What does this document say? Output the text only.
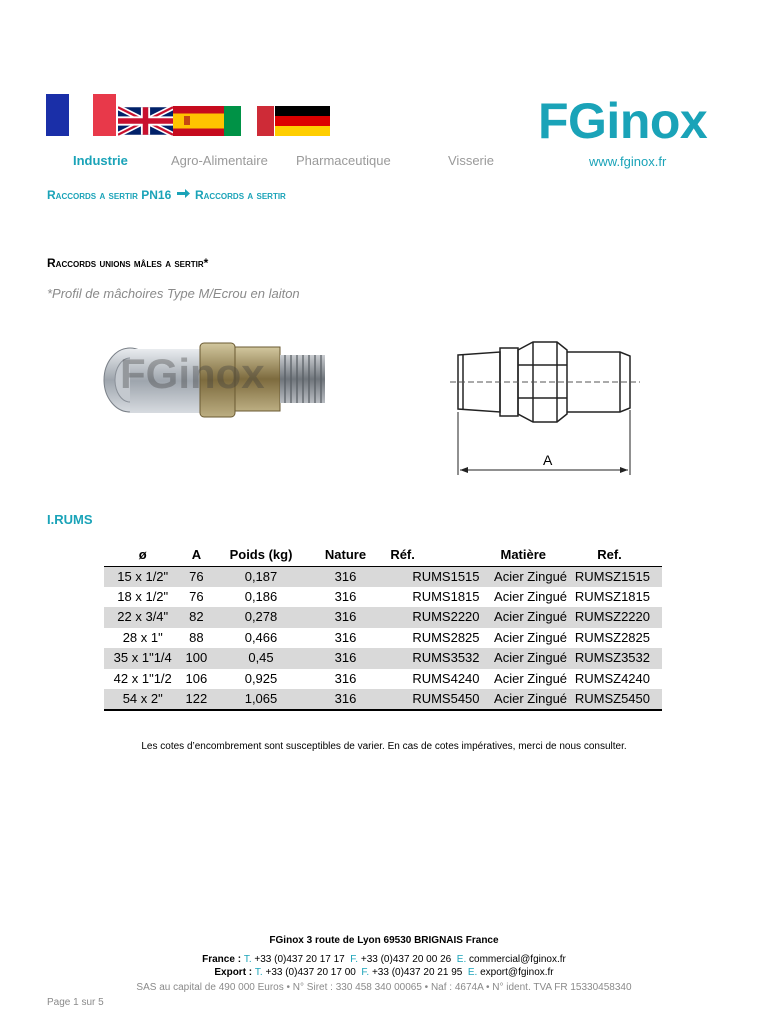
FGinox
www.fginox.fr
Industrie	Agro-Alimentaire Pharmaceutique	Visserie
Raccords a sertir PN16 Raccords a sertir
Raccords unions mâles a sertir*
*Profil de mâchoires Type M/Ecrou en laiton
FGinox
A
I.RUMS
ø	A	Poids (kg)	Nature	Réf.	Matière	Ref.
15 x 1/2"	76	0,187	316	RUMS1515	Acier Zingué	RUMSZ1515
18 x 1/2"	76	0,186	316	RUMS1815	Acier Zingué	RUMSZ1815
22 x 3/4"	82	0,278	316	RUMS2220	Acier Zingué	RUMSZ2220
28 x 1"	88	0,466	316	RUMS2825	Acier Zingué	RUMSZ2825
35 x 1"1/4	100	0,45	316	RUMS3532	Acier Zingué	RUMSZ3532
42 x 1"1/2	106	0,925	316	RUMS4240	Acier Zingué	RUMSZ4240
54 x 2"	122	1,065	316	RUMS5450	Acier Zingué	RUMSZ5450
Les cotes d’encombrement sont susceptibles de varier. En cas de cotes impératives, merci de nous consulter.
FGinox 3 route de Lyon 69530 BRIGNAIS France
France : T. +33 (0)437 20 17 17 F. +33 (0)437 20 00 26 E. commercial@fginox.fr
Export : T. +33 (0)437 20 17 00 F. +33 (0)437 20 21 95 E. export@fginox.fr
SAS au capital de 490 000 Euros • N° Siret : 330 458 340 00065 • Naf : 4674A • N° ident. TVA FR 15330458340
Page 1 sur 5
